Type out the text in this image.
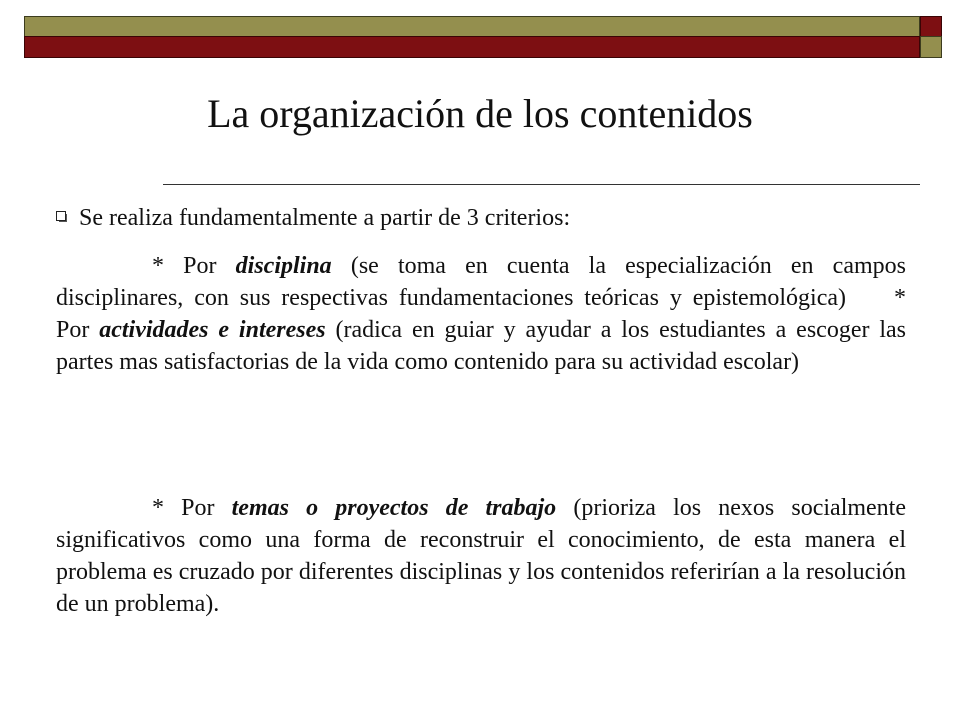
La organización de los contenidos
Se realiza fundamentalmente a partir de 3 criterios:

* Por disciplina (se toma en cuenta la especialización en campos disciplinares, con sus respectivas fundamentaciones teóricas y epistemológica)   * Por actividades e intereses (radica en guiar y ayudar a los estudiantes a escoger las partes mas satisfactorias de la vida como contenido para su actividad escolar)

* Por temas o proyectos de trabajo (prioriza los nexos socialmente significativos como una forma de reconstruir el conocimiento, de esta manera el problema es cruzado por diferentes disciplinas y los contenidos referirían a la resolución de un problema).
